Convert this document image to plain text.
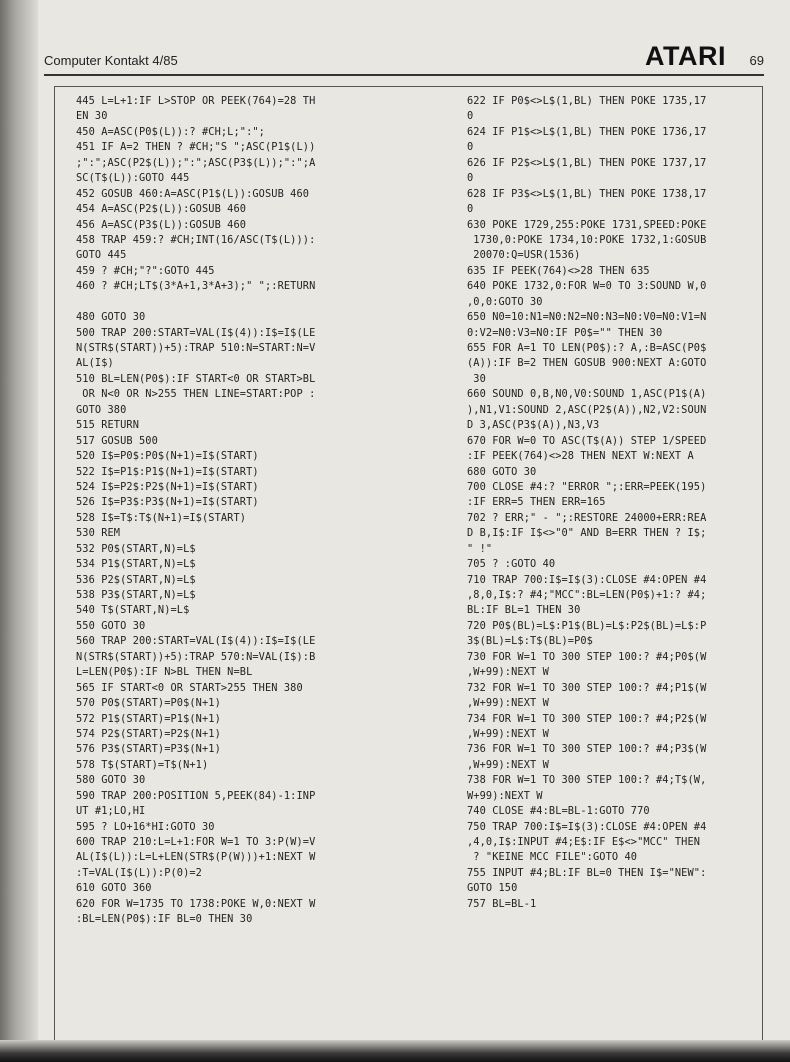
Computer Kontakt 4/85	ATARI 69
445 L=L+1:IF L>STOP OR PEEK(764)=28 TH
EN 30
450 A=ASC(P0$(L)):? #CH;L;":";
451 IF A=2 THEN ? #CH;"S ";ASC(P1$(L))
;":";ASC(P2$(L));":";ASC(P3$(L));":";A
SC(T$(L)):GOTO 445
452 GOSUB 460:A=ASC(P1$(L)):GOSUB 460
454 A=ASC(P2$(L)):GOSUB 460
456 A=ASC(P3$(L)):GOSUB 460
458 TRAP 459:? #CH;INT(16/ASC(T$(L))):
GOTO 445
459 ? #CH;"?":GOTO 445
460 ? #CH;LT$(3*A+1,3*A+3);" ";:RETURN
480 GOTO 30
500 TRAP 200:START=VAL(I$(4)):I$=I$(LE
N(STR$(START))+5):TRAP 510:N=START:N=V
AL(I$)
510 BL=LEN(P0$):IF START<0 OR START>BL
OR N<0 OR N>255 THEN LINE=START:POP :
GOTO 380
515 RETURN
517 GOSUB 500
520 I$=P0$:P0$(N+1)=I$(START)
522 I$=P1$:P1$(N+1)=I$(START)
524 I$=P2$:P2$(N+1)=I$(START)
526 I$=P3$:P3$(N+1)=I$(START)
528 I$=T$:T$(N+1)=I$(START)
530 REM
532 P0$(START,N)=L$
534 P1$(START,N)=L$
536 P2$(START,N)=L$
538 P3$(START,N)=L$
540 T$(START,N)=L$
550 GOTO 30
560 TRAP 200:START=VAL(I$(4)):I$=I$(LE
N(STR$(START))+5):TRAP 570:N=VAL(I$):B
L=LEN(P0$):IF N>BL THEN N=BL
565 IF START<0 OR START>255 THEN 380
570 P0$(START)=P0$(N+1)
572 P1$(START)=P1$(N+1)
574 P2$(START)=P2$(N+1)
576 P3$(START)=P3$(N+1)
578 T$(START)=T$(N+1)
580 GOTO 30
590 TRAP 200:POSITION 5,PEEK(84)-1:INP
UT #1;LO,HI
595 ? LO+16*HI:GOTO 30
600 TRAP 210:L=L+1:FOR W=1 TO 3:P(W)=V
AL(I$(L)):L=L+LEN(STR$(P(W)))+1:NEXT W
:T=VAL(I$(L)):P(0)=2
610 GOTO 360
620 FOR W=1735 TO 1738:POKE W,0:NEXT W
:BL=LEN(P0$):IF BL=0 THEN 30
622 IF P0$<>L$(1,BL) THEN POKE 1735,17
0
624 IF P1$<>L$(1,BL) THEN POKE 1736,17
0
626 IF P2$<>L$(1,BL) THEN POKE 1737,17
0
628 IF P3$<>L$(1,BL) THEN POKE 1738,17
0
630 POKE 1729,255:POKE 1731,SPEED:POKE
1730,0:POKE 1734,10:POKE 1732,1:GOSUB
20070:Q=USR(1536)
635 IF PEEK(764)<>28 THEN 635
640 POKE 1732,0:FOR W=0 TO 3:SOUND W,0
,0,0:GOTO 30
650 N0=10:N1=N0:N2=N0:N3=N0:V0=N0:V1=N
0:V2=N0:V3=N0:IF P0$="" THEN 30
655 FOR A=1 TO LEN(P0$):? A,:B=ASC(P0$
(A)):IF B=2 THEN GOSUB 900:NEXT A:GOTO
30
660 SOUND 0,B,N0,V0:SOUND 1,ASC(P1$(A)
),N1,V1:SOUND 2,ASC(P2$(A)),N2,V2:SOUN
D 3,ASC(P3$(A)),N3,V3
670 FOR W=0 TO ASC(T$(A)) STEP 1/SPEED
:IF PEEK(764)<>28 THEN NEXT W:NEXT A
680 GOTO 30
700 CLOSE #4:? "ERROR ";:ERR=PEEK(195)
:IF ERR=5 THEN ERR=165
702 ? ERR;" - ";:RESTORE 24000+ERR:REA
D B,I$:IF I$<>"0" AND B=ERR THEN ? I$;
" !"
705 ? :GOTO 40
710 TRAP 700:I$=I$(3):CLOSE #4:OPEN #4
,8,0,I$:? #4;"MCC":BL=LEN(P0$)+1:? #4;
BL:IF BL=1 THEN 30
720 P0$(BL)=L$:P1$(BL)=L$:P2$(BL)=L$:P
3$(BL)=L$:T$(BL)=P0$
730 FOR W=1 TO 300 STEP 100:? #4;P0$(W
,W+99):NEXT W
732 FOR W=1 TO 300 STEP 100:? #4;P1$(W
,W+99):NEXT W
734 FOR W=1 TO 300 STEP 100:? #4;P2$(W
,W+99):NEXT W
736 FOR W=1 TO 300 STEP 100:? #4;P3$(W
,W+99):NEXT W
738 FOR W=1 TO 300 STEP 100:? #4;T$(W,
W+99):NEXT W
740 CLOSE #4:BL=BL-1:GOTO 770
750 TRAP 700:I$=I$(3):CLOSE #4:OPEN #4
,4,0,I$:INPUT #4;E$:IF E$<>"MCC" THEN
? "KEINE MCC FILE":GOTO 40
755 INPUT #4;BL:IF BL=0 THEN I$="NEW":
GOTO 150
757 BL=BL-1
